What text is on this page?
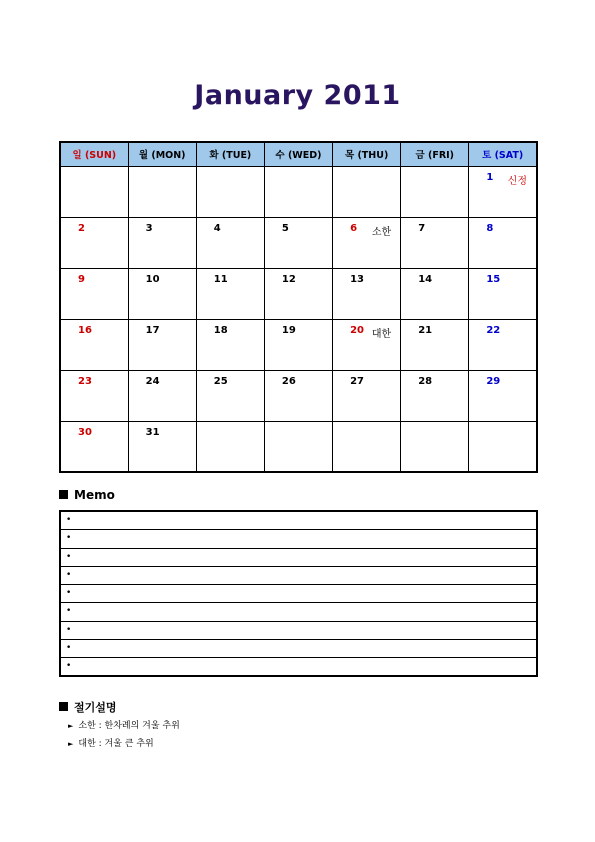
January 2011
일 (SUN)	월 (MON)	화 (TUE)	수 (WED)	목 (THU)	금 (FRI)	토 (SAT)

						1 신정

2	3	4	5	6 소한	7	8

9	10	11	12	13	14	15

16	17	18	19	20 대한	21	22

23	24	25	26	27	28	29

30	31					

Memo
•
•
•
•
•
•
•
•
•
절기설명
► 소한 : 한차례의 겨울 추위
► 대한 : 겨울 큰 추위
